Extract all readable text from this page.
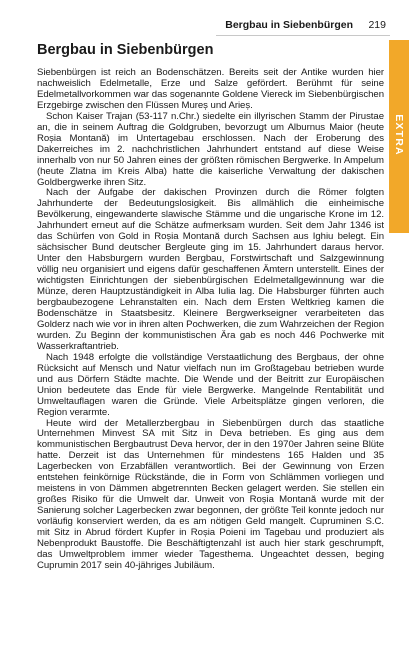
Bergbau in Siebenbürgen 219
EXTRA
Bergbau in Siebenbürgen

Siebenbürgen ist reich an Bodenschätzen. Bereits seit der Antike wurden hier nachweislich Edelmetalle, Erze und Salze gefördert. Berühmt für seine Edelmetallvorkommen war das sogenannte Goldene Viereck im Siebenbürgischen Erzgebirge zwischen den Flüssen Mureș und Arieș.

Schon Kaiser Trajan (53-117 n.Chr.) siedelte ein illyrischen Stamm der Pirustae an, die in seinem Auftrag die Goldgruben, bevorzugt um Alburnus Maior (heute Roșia Montană) im Untertagebau erschlossen. Nach der Eroberung des Dakerreiches im 2. nachchristlichen Jahrhundert entstand auf diese Weise innerhalb von nur 50 Jahren eines der größten römischen Bergwerke. In Ampelum (heute Zlatna im Kreis Alba) hatte die kaiserliche Verwaltung der dakischen Goldbergwerke ihren Sitz.

Nach der Aufgabe der dakischen Provinzen durch die Römer folgten Jahrhunderte der Bedeutungslosigkeit. Bis allmählich die einheimische Bevölkerung, eingewanderte slawische Stämme und die ungarische Krone im 12. Jahrhundert erneut auf die Schätze aufmerksam wurden. Seit dem Jahr 1346 ist das Schürfen von Gold in Roșia Montană durch Sachsen aus Ighiu belegt. Ein sächsischer Bund deutscher Bergleute ging im 15. Jahrhundert daraus hervor. Unter den Habsburgern wurden Bergbau, Forstwirtschaft und Salzgewinnung völlig neu organisiert und eigens dafür geschaffenen Ämtern unterstellt. Eines der wichtigsten Einrichtungen der siebenbürgischen Edelmetallgewinnung war die Münze, deren Hauptzuständigkeit in Alba Iulia lag. Die Habsburger führten auch bergbaubezogene Lehranstalten ein. Nach dem Ersten Weltkrieg kamen die Bodenschätze in Staatsbesitz. Kleinere Bergwerkseigner verarbeiteten das Golderz nach wie vor in ihren alten Pochwerken, die zum Wahrzeichen der Region wurden. Zu Beginn der kommunistischen Ära gab es noch 446 Pochwerke mit Wasserkraftantrieb.

Nach 1948 erfolgte die vollständige Verstaatlichung des Bergbaus, der ohne Rücksicht auf Mensch und Natur vielfach nun im Großtagebau betrieben wurde und aus Dörfern Städte machte. Die Wende und der Beitritt zur Europäischen Union bedeutete das Ende für viele Bergwerke. Mangelnde Rentabilität und Umweltauflagen waren die Gründe. Viele Arbeitsplätze gingen verloren, die Region verarmte.

Heute wird der Metallerzbergbau in Siebenbürgen durch das staatliche Unternehmen Minvest SA mit Sitz in Deva betrieben. Es ging aus dem kommunistischen Bergbautrust Deva hervor, der in den 1970er Jahren seine Blüte hatte. Derzeit ist das Unternehmen für mindestens 165 Halden und 35 Lagerbecken von Erzabfällen verantwortlich. Bei der Gewinnung von Erzen entstehen feinkörnige Rückstände, die in Form von Schlämmen vorliegen und meistens in von Dämmen abgetrennten Becken gelagert werden. Sie stellen ein großes Risiko für die Umwelt dar. Unweit von Roșia Montană wurde mit der Sanierung solcher Lagerbecken zwar begonnen, der größte Teil konnte jedoch nur vorläufig konserviert werden, da es am nötigen Geld mangelt. Cupruminen S.C. mit Sitz in Abrud fördert Kupfer in Roșia Poieni im Tagebau und produziert als Nebenprodukt Baustoffe. Die Beschäftigtenzahl ist auch hier stark geschrumpft, das Umweltproblem immer wieder Tagesthema. Ungeachtet dessen, beging Cuprumin 2017 sein 40-jähriges Jubiläum.
